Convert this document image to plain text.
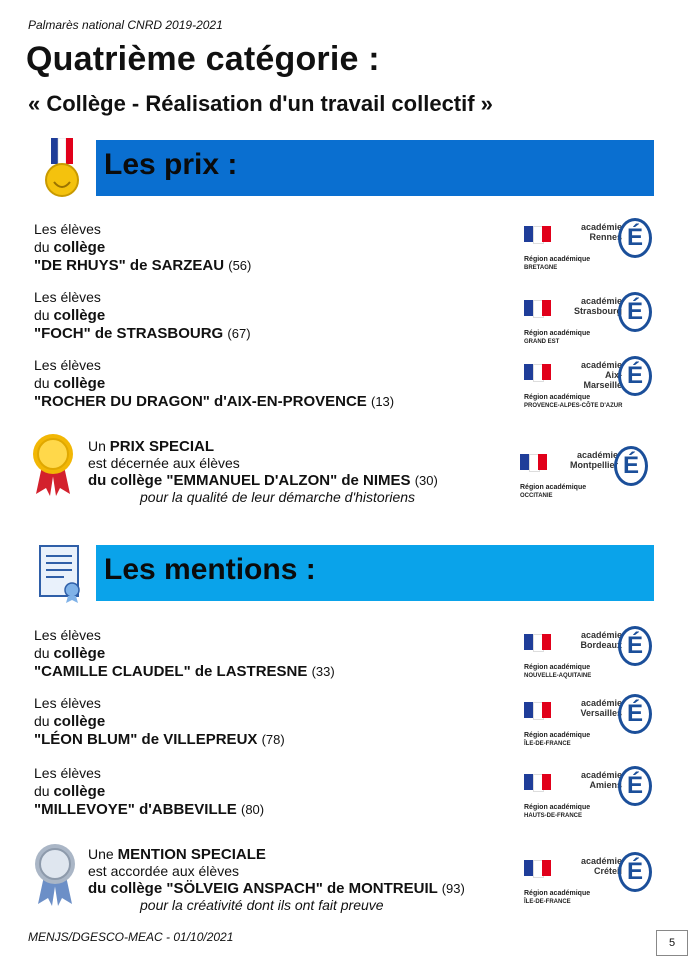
Palmarès national CNRD 2019-2021
Quatrième catégorie :
« Collège - Réalisation d'un travail collectif »
Les prix :
Les élèves
du collège
"DE RHUYS" de SARZEAU (56)
Les élèves
du collège
"FOCH" de STRASBOURG (67)
Les élèves
du collège
"ROCHER DU DRAGON" d'AIX-EN-PROVENCE (13)
académie
Rennes É
Région académique
BRETAGNE
académie
Strasbourg É
Région académique
GRAND EST
académie
Aix-Marseille É
Région académique
PROVENCE-ALPES-CÔTE D'AZUR
Un PRIX SPECIAL
est décernée aux élèves
du collège "EMMANUEL D'ALZON" de NIMES (30)
pour la qualité de leur démarche d'historiens
académie
Montpellier É
Région académique
OCCITANIE
Les mentions :
Les élèves
du collège
"CAMILLE CLAUDEL" de LASTRESNE (33)
Les élèves
du collège
"LÉON BLUM" de VILLEPREUX (78)
Les élèves
du collège
"MILLEVOYE" d'ABBEVILLE (80)
académie
Bordeaux É
Région académique
NOUVELLE-AQUITAINE
académie
Versailles É
Région académique
ÎLE-DE-FRANCE
académie
Amiens É
Région académique
HAUTS-DE-FRANCE
Une MENTION SPECIALE
est accordée aux élèves
du collège "SÖLVEIG ANSPACH" de MONTREUIL (93)
pour la créativité dont ils ont fait preuve
académie
Créteil É
Région académique
ÎLE-DE-FRANCE
MENJS/DGESCO-MEAC - 01/10/2021	5
